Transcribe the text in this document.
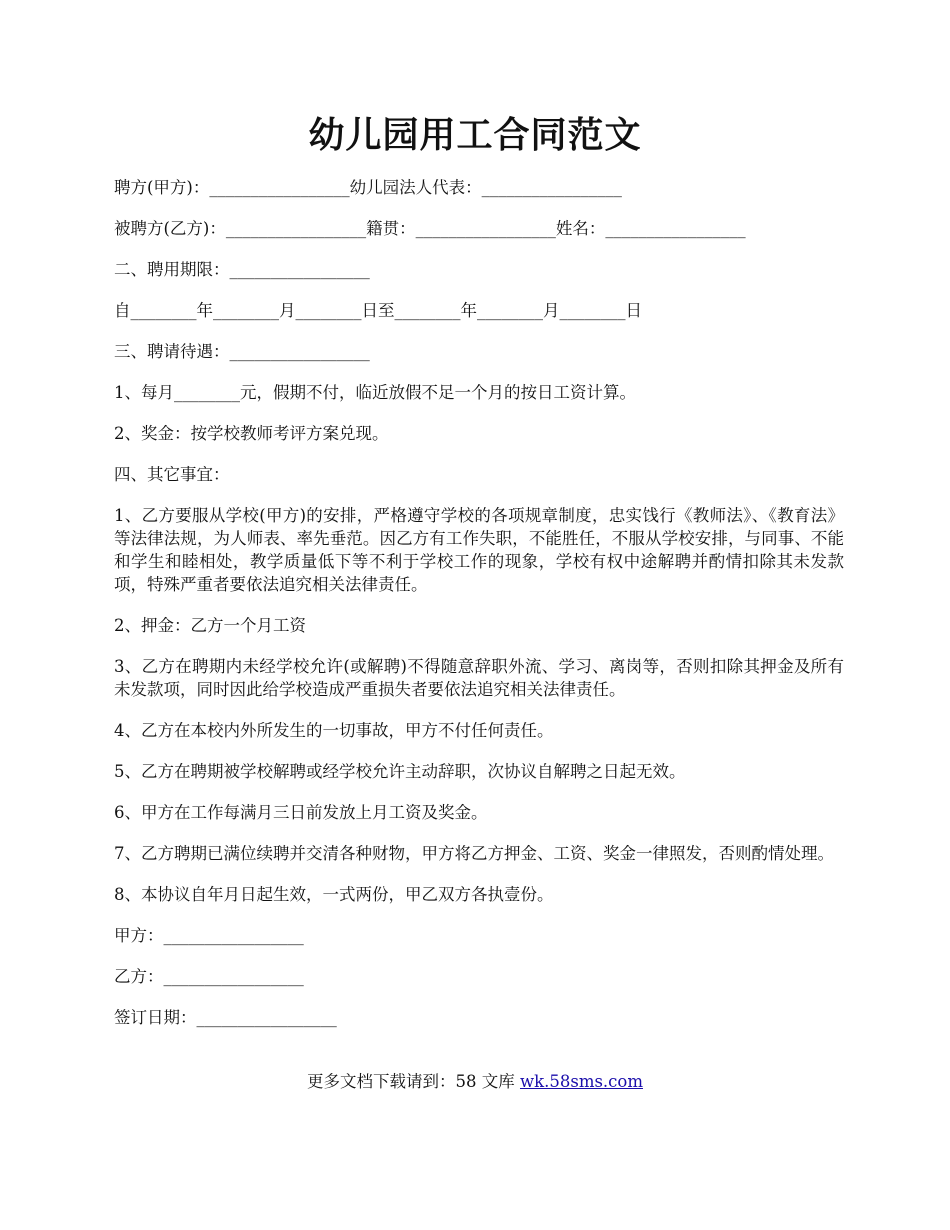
幼儿园用工合同范文

聘方(甲方)：_________________幼儿园法人代表：_________________

被聘方(乙方)：_________________籍贯：_________________姓名：_________________

二、聘用期限：_________________

自________年________月________日至________年________月________日

三、聘请待遇：_________________

1、每月________元，假期不付，临近放假不足一个月的按日工资计算。

2、奖金：按学校教师考评方案兑现。

四、其它事宜：

1、乙方要服从学校(甲方)的安排，严格遵守学校的各项规章制度，忠实饯行《教师法》、《教育法》等法律法规，为人师表、率先垂范。因乙方有工作失职，不能胜任，不服从学校安排，与同事、不能和学生和睦相处，教学质量低下等不利于学校工作的现象，学校有权中途解聘并酌情扣除其未发款项，特殊严重者要依法追究相关法律责任。

2、押金：乙方一个月工资

3、乙方在聘期内未经学校允许(或解聘)不得随意辞职外流、学习、离岗等，否则扣除其押金及所有未发款项，同时因此给学校造成严重损失者要依法追究相关法律责任。

4、乙方在本校内外所发生的一切事故，甲方不付任何责任。

5、乙方在聘期被学校解聘或经学校允许主动辞职，次协议自解聘之日起无效。

6、甲方在工作每满月三日前发放上月工资及奖金。

7、乙方聘期已满位续聘并交清各种财物，甲方将乙方押金、工资、奖金一律照发，否则酌情处理。

8、本协议自年月日起生效，一式两份，甲乙双方各执壹份。

甲方：_________________

乙方：_________________

签订日期：_________________

更多文档下载请到：58 文库 wk.58sms.com
